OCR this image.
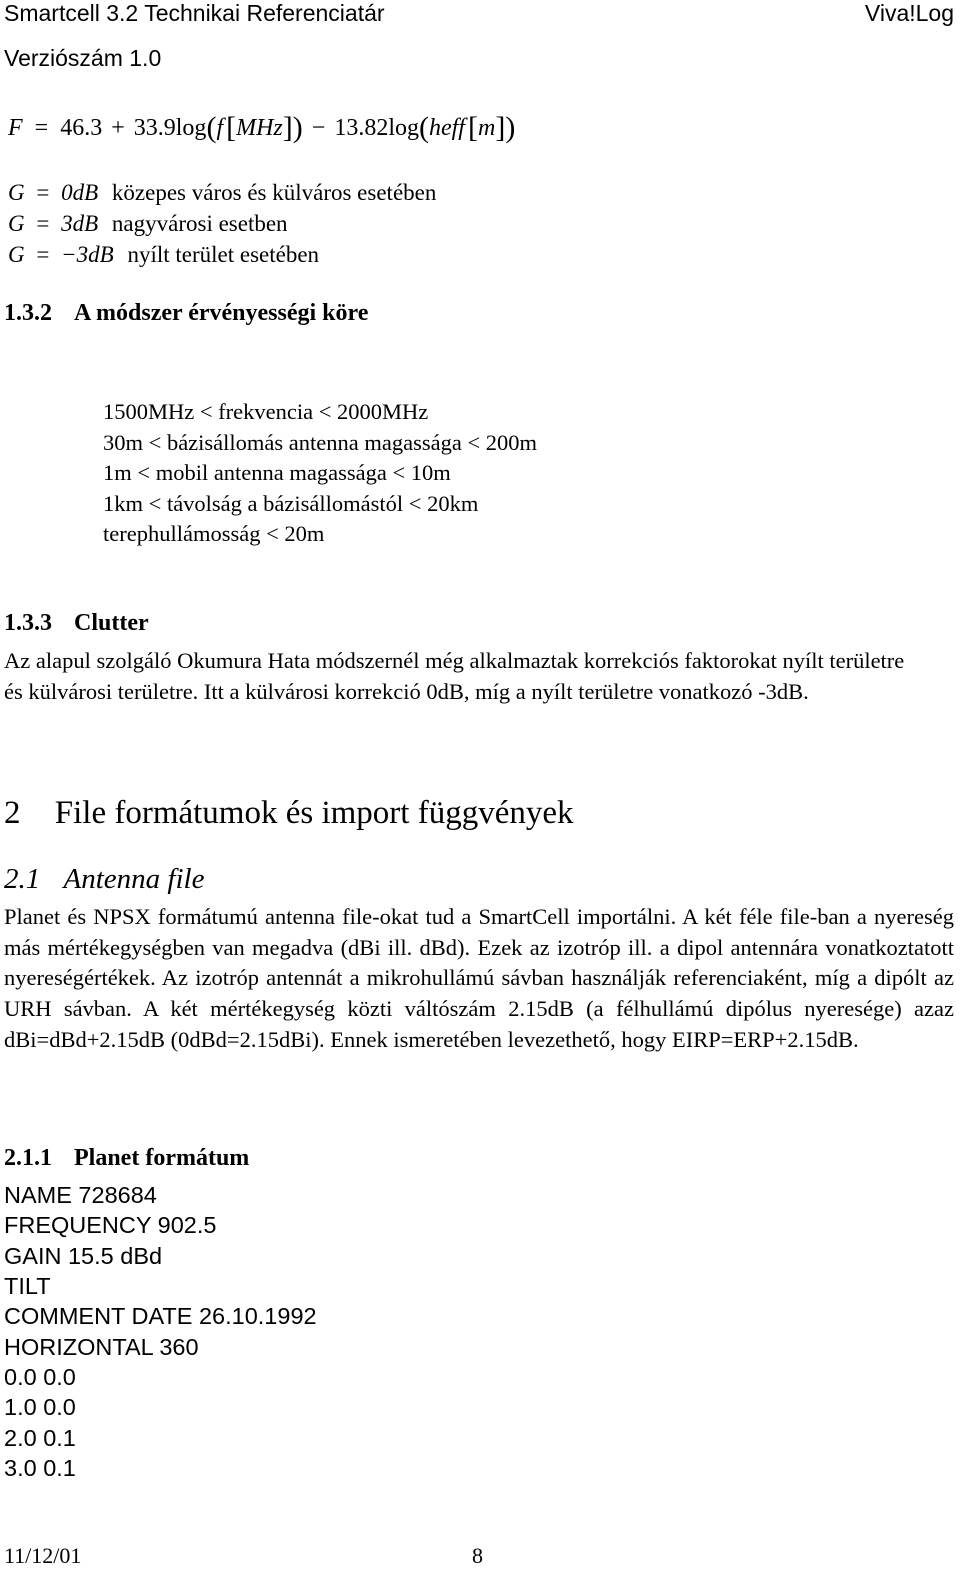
Smartcell 3.2 Technikai Referenciatár	Viva!Log
Verziószám 1.0
F = 46.3 + 33.9log(f [MHz]) − 13.82log(heff [m])
G = 0dB közepes város és külváros esetében
G = 3dB nagyvárosi esetben
G = −3dB nyílt terület esetében
1.3.2 A módszer érvényességi köre
1500MHz < frekvencia < 2000MHz
30m < bázisállomás antenna magassága < 200m
1m < mobil antenna magassága < 10m
1km < távolság a bázisállomástól < 20km
terephullámosság < 20m
1.3.3 Clutter
Az alapul szolgáló Okumura Hata módszernél még alkalmaztak korrekciós faktorokat nyílt területre és külvárosi területre. Itt a külvárosi korrekció 0dB, míg a nyílt területre vonatkozó -3dB.
2 File formátumok és import függvények
2.1 Antenna file
Planet és NPSX formátumú antenna file-okat tud a SmartCell importálni. A két féle file-ban a nyereség más mértékegységben van megadva (dBi ill. dBd). Ezek az izotróp ill. a dipol antennára vonatkoztatott nyereségértékek. Az izotróp antennát a mikrohullámú sávban használják referenciaként, míg a dipólt az URH sávban. A két mértékegység közti váltószám 2.15dB (a félhullámú dipólus nyeresége) azaz dBi=dBd+2.15dB (0dBd=2.15dBi). Ennek ismeretében levezethető, hogy EIRP=ERP+2.15dB.
2.1.1 Planet formátum
NAME 728684
FREQUENCY 902.5
GAIN 15.5 dBd
TILT
COMMENT DATE 26.10.1992
HORIZONTAL 360
0.0 0.0
1.0 0.0
2.0 0.1
3.0 0.1
11/12/01	8
